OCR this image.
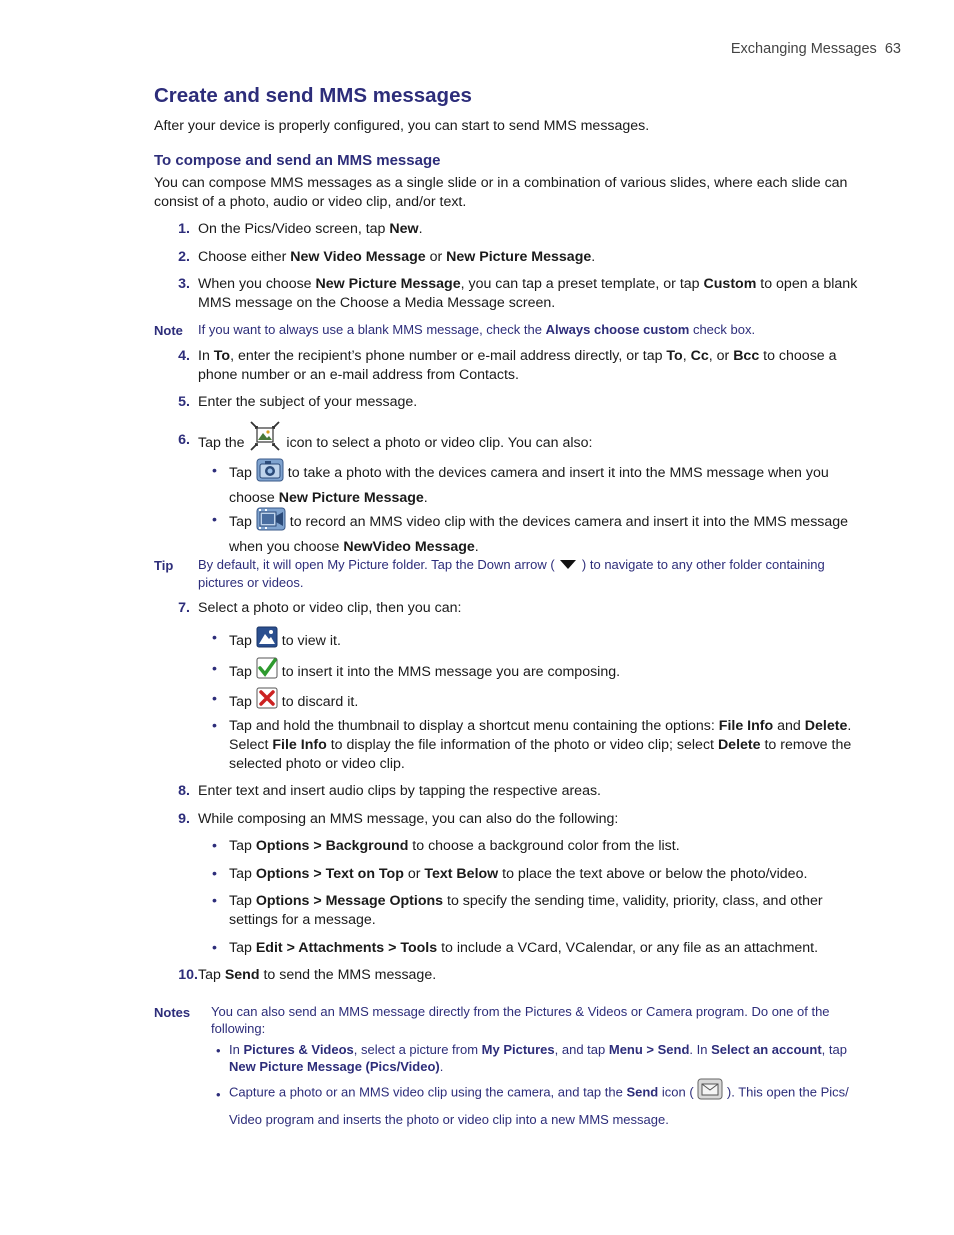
Exchanging Messages 63
Create and send MMS messages
After your device is properly configured, you can start to send MMS messages.
To compose and send an MMS message
You can compose MMS messages as a single slide or in a combination of various slides, where each slide can consist of a photo, audio or video clip, and/or text.
1. On the Pics/Video screen, tap New.
2. Choose either New Video Message or New Picture Message.
3. When you choose New Picture Message, you can tap a preset template, or tap Custom to open a blank MMS message on the Choose a Media Message screen.
Note If you want to always use a blank MMS message, check the Always choose custom check box.
4. In To, enter the recipient’s phone number or e-mail address directly, or tap To, Cc, or Bcc to choose a phone number or an e-mail address from Contacts.
5. Enter the subject of your message.
6. Tap the  icon to select a photo or video clip. You can also:
• Tap  to take a photo with the devices camera and insert it into the MMS message when you choose New Picture Message.
• Tap  to record an MMS video clip with the devices camera and insert it into the MMS message when you choose NewVideo Message.
Tip By default, it will open My Picture folder. Tap the Down arrow (  ) to navigate to any other folder containing pictures or videos.
7. Select a photo or video clip, then you can:
• Tap  to view it.
• Tap  to insert it into the MMS message you are composing.
• Tap  to discard it.
• Tap and hold the thumbnail to display a shortcut menu containing the options: File Info and Delete. Select File Info to display the file information of the photo or video clip; select Delete to remove the selected photo or video clip.
8. Enter text and insert audio clips by tapping the respective areas.
9. While composing an MMS message, you can also do the following:
• Tap Options > Background to choose a background color from the list.
• Tap Options > Text on Top or Text Below to place the text above or below the photo/video.
• Tap Options > Message Options to specify the sending time, validity, priority, class, and other settings for a message.
• Tap Edit > Attachments > Tools to include a VCard, VCalendar, or any file as an attachment.
10. Tap Send to send the MMS message.
Notes You can also send an MMS message directly from the Pictures & Videos or Camera program. Do one of the following:
• In Pictures & Videos, select a picture from My Pictures, and tap Menu > Send. In Select an account, tap New Picture Message (Pics/Video).
• Capture a photo or an MMS video clip using the camera, and tap the Send icon (  ). This open the Pics/ Video program and inserts the photo or video clip into a new MMS message.
